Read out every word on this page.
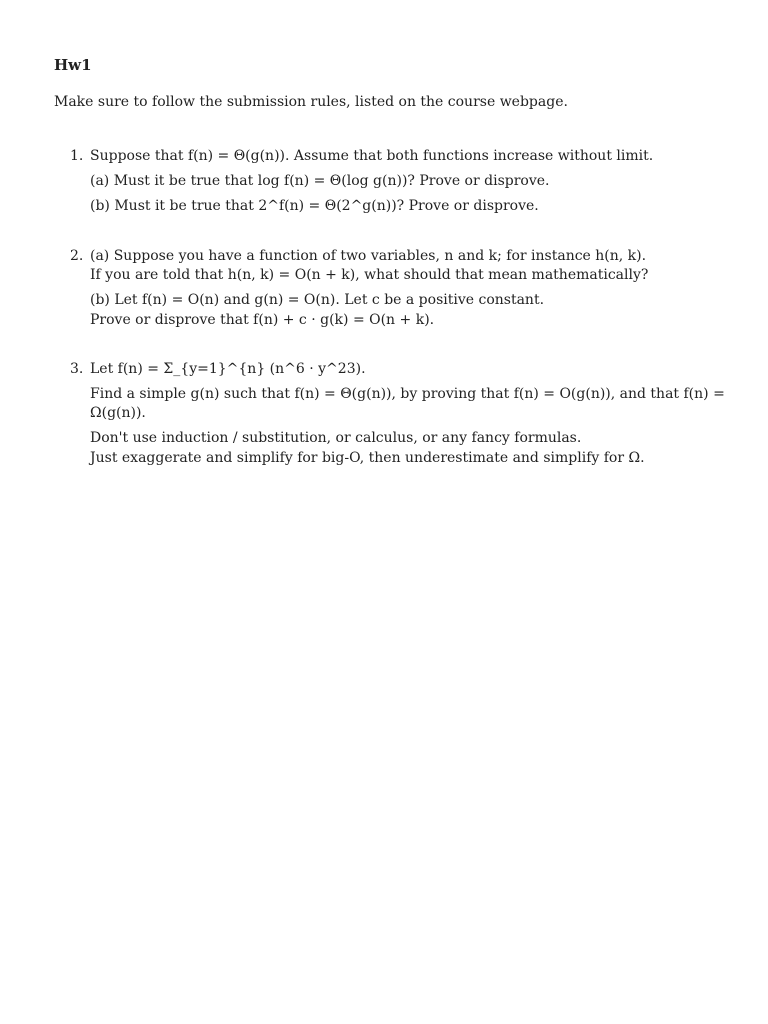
Hw1
Make sure to follow the submission rules, listed on the course webpage.
1. Suppose that f(n) = Θ(g(n)). Assume that both functions increase without limit.
(a) Must it be true that log f(n) = Θ(log g(n))? Prove or disprove.
(b) Must it be true that 2^f(n) = Θ(2^g(n))? Prove or disprove.
2. (a) Suppose you have a function of two variables, n and k; for instance h(n, k).
If you are told that h(n, k) = O(n + k), what should that mean mathematically?
(b) Let f(n) = O(n) and g(n) = O(n). Let c be a positive constant.
Prove or disprove that f(n) + c · g(k) = O(n + k).
3. Let f(n) = Σ_{y=1}^{n} (n^6 · y^23).
Find a simple g(n) such that f(n) = Θ(g(n)), by proving that f(n) = O(g(n)), and that f(n) =
Ω(g(n)).
Don't use induction / substitution, or calculus, or any fancy formulas.
Just exaggerate and simplify for big-O, then underestimate and simplify for Ω.
